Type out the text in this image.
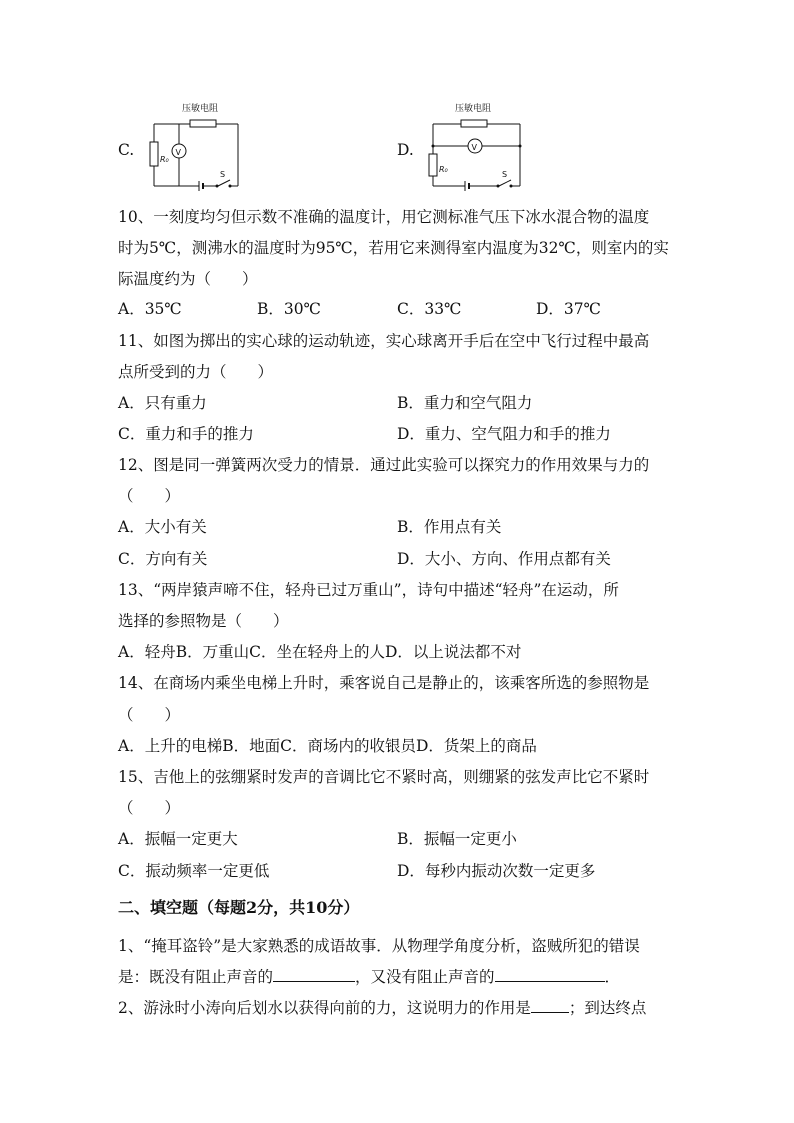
C.
压敏电阻
R₀
V
S
D.
压敏电阻
V
R₀
S
10、一刻度均匀但示数不准确的温度计，用它测标准气压下冰水混合物的温度
时为5℃，测沸水的温度时为95℃，若用它来测得室内温度为32℃，则室内的实
际温度约为（　　）
A．35℃	B．30℃	C．33℃	D．37℃
11、如图为掷出的实心球的运动轨迹，实心球离开手后在空中飞行过程中最高
点所受到的力（　　）
A．只有重力	B．重力和空气阻力
C．重力和手的推力	D．重力、空气阻力和手的推力
12、图是同一弹簧两次受力的情景．通过此实验可以探究力的作用效果与力的
（　　）
A．大小有关	B．作用点有关
C．方向有关	D．大小、方向、作用点都有关
13、“两岸猿声啼不住，轻舟已过万重山”，诗句中描述“轻舟”在运动，所
选择的参照物是（　　）
A．轻舟B．万重山C．坐在轻舟上的人D．以上说法都不对
14、在商场内乘坐电梯上升时，乘客说自己是静止的，该乘客所选的参照物是
（　　）
A．上升的电梯B．地面C．商场内的收银员D．货架上的商品
15、吉他上的弦绷紧时发声的音调比它不紧时高，则绷紧的弦发声比它不紧时
（　　）
A．振幅一定更大	B．振幅一定更小
C．振动频率一定更低	D．每秒内振动次数一定更多
二、填空题（每题2分，共10分）
1、“掩耳盗铃”是大家熟悉的成语故事．从物理学角度分析，盗贼所犯的错误
是：既没有阻止声音的	，又没有阻止声音的	．
2、游泳时小涛向后划水以获得向前的力，这说明力的作用是 ；到达终点
